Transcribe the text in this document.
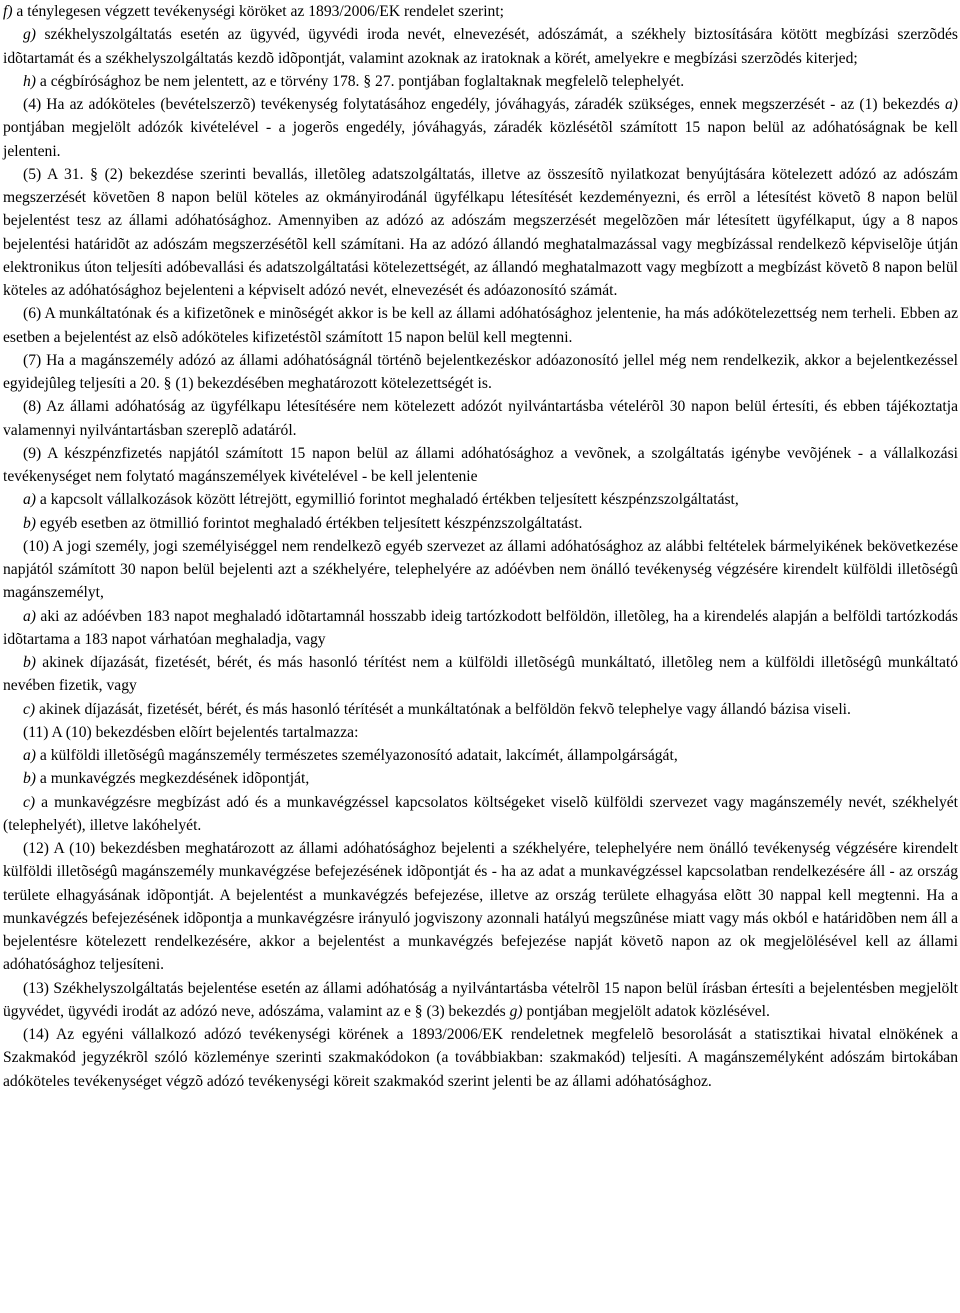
f) a ténylegesen végzett tevékenységi köröket az 1893/2006/EK rendelet szerint;

g) székhelyszolgáltatás esetén az ügyvéd, ügyvédi iroda nevét, elnevezését, adószámát, a székhely biztosítására kötött megbízási szerzõdés idõtartamát és a székhelyszolgáltatás kezdõ idõpontját, valamint azoknak az iratoknak a körét, amelyekre e megbízási szerzõdés kiterjed;

h) a cégbírósághoz be nem jelentett, az e törvény 178. § 27. pontjában foglaltaknak megfelelõ telephelyét.

(4) Ha az adóköteles (bevételszerzõ) tevékenység folytatásához engedély, jóváhagyás, záradék szükséges, ennek megszerzését - az (1) bekezdés a) pontjában megjelölt adózók kivételével - a jogerõs engedély, jóváhagyás, záradék közlésétõl számított 15 napon belül az adóhatóságnak be kell jelenteni.

(5) A 31. § (2) bekezdése szerinti bevallás, illetõleg adatszolgáltatás, illetve az összesítõ nyilatkozat benyújtására kötelezett adózó az adószám megszerzését követõen 8 napon belül köteles az okmányirodánál ügyfélkapu létesítését kezdeményezni, és errõl a létesítést követõ 8 napon belül bejelentést tesz az állami adóhatósághoz. Amennyiben az adózó az adószám megszerzését megelõzõen már létesített ügyfélkaput, úgy a 8 napos bejelentési határidõt az adószám megszerzésétõl kell számítani. Ha az adózó állandó meghatalmazással vagy megbízással rendelkezõ képviselõje útján elektronikus úton teljesíti adóbevallási és adatszolgáltatási kötelezettségét, az állandó meghatalmazott vagy megbízott a megbízást követõ 8 napon belül köteles az adóhatósághoz bejelenteni a képviselt adózó nevét, elnevezését és adóazonosító számát.

(6) A munkáltatónak és a kifizetõnek e minõségét akkor is be kell az állami adóhatósághoz jelentenie, ha más adókötelezettség nem terheli. Ebben az esetben a bejelentést az elsõ adóköteles kifizetéstõl számított 15 napon belül kell megtenni.

(7) Ha a magánszemély adózó az állami adóhatóságnál történõ bejelentkezéskor adóazonosító jellel még nem rendelkezik, akkor a bejelentkezéssel egyidejûleg teljesíti a 20. § (1) bekezdésében meghatározott kötelezettségét is.

(8) Az állami adóhatóság az ügyfélkapu létesítésére nem kötelezett adózót nyilvántartásba vételérõl 30 napon belül értesíti, és ebben tájékoztatja valamennyi nyilvántartásban szereplõ adatáról.

(9) A készpénzfizetés napjától számított 15 napon belül az állami adóhatósághoz a vevõnek, a szolgáltatás igénybe vevõjének - a vállalkozási tevékenységet nem folytató magánszemélyek kivételével - be kell jelentenie

a) a kapcsolt vállalkozások között létrejött, egymillió forintot meghaladó értékben teljesített készpénzszolgáltatást,

b) egyéb esetben az ötmillió forintot meghaladó értékben teljesített készpénzszolgáltatást.

(10) A jogi személy, jogi személyiséggel nem rendelkezõ egyéb szervezet az állami adóhatósághoz az alábbi feltételek bármelyikének bekövetkezése napjától számított 30 napon belül bejelenti azt a székhelyére, telephelyére az adóévben nem önálló tevékenység végzésére kirendelt külföldi illetõségû magánszemélyt,

a) aki az adóévben 183 napot meghaladó idõtartamnál hosszabb ideig tartózkodott belföldön, illetõleg, ha a kirendelés alapján a belföldi tartózkodás idõtartama a 183 napot várhatóan meghaladja, vagy

b) akinek díjazását, fizetését, bérét, és más hasonló térítést nem a külföldi illetõségû munkáltató, illetõleg nem a külföldi illetõségû munkáltató nevében fizetik, vagy

c) akinek díjazását, fizetését, bérét, és más hasonló térítését a munkáltatónak a belföldön fekvõ telephelye vagy állandó bázisa viseli.

(11) A (10) bekezdésben elõírt bejelentés tartalmazza:

a) a külföldi illetõségû magánszemély természetes személyazonosító adatait, lakcímét, állampolgárságát,

b) a munkavégzés megkezdésének idõpontját,

c) a munkavégzésre megbízást adó és a munkavégzéssel kapcsolatos költségeket viselõ külföldi szervezet vagy magánszemély nevét, székhelyét (telephelyét), illetve lakóhelyét.

(12) A (10) bekezdésben meghatározott az állami adóhatósághoz bejelenti a székhelyére, telephelyére nem önálló tevékenység végzésére kirendelt külföldi illetõségû magánszemély munkavégzése befejezésének idõpontját és - ha az adat a munkavégzéssel kapcsolatban rendelkezésére áll - az ország területe elhagyásának idõpontját. A bejelentést a munkavégzés befejezése, illetve az ország területe elhagyása elõtt 30 nappal kell megtenni. Ha a munkavégzés befejezésének idõpontja a munkavégzésre irányuló jogviszony azonnali hatályú megszûnése miatt vagy más okból e határidõben nem áll a bejelentésre kötelezett rendelkezésére, akkor a bejelentést a munkavégzés befejezése napját követõ napon az ok megjelölésével kell az állami adóhatósághoz teljesíteni.

(13) Székhelyszolgáltatás bejelentése esetén az állami adóhatóság a nyilvántartásba vételrõl 15 napon belül írásban értesíti a bejelentésben megjelölt ügyvédet, ügyvédi irodát az adózó neve, adószáma, valamint az e § (3) bekezdés g) pontjában megjelölt adatok közlésével.

(14) Az egyéni vállalkozó adózó tevékenységi körének a 1893/2006/EK rendeletnek megfelelõ besorolását a statisztikai hivatal elnökének a Szakmakód jegyzékrõl szóló közleménye szerinti szakmakódokon (a továbbiakban: szakmakód) teljesíti. A magánszemélyként adószám birtokában adóköteles tevékenységet végzõ adózó tevékenységi köreit szakmakód szerint jelenti be az állami adóhatósághoz.
